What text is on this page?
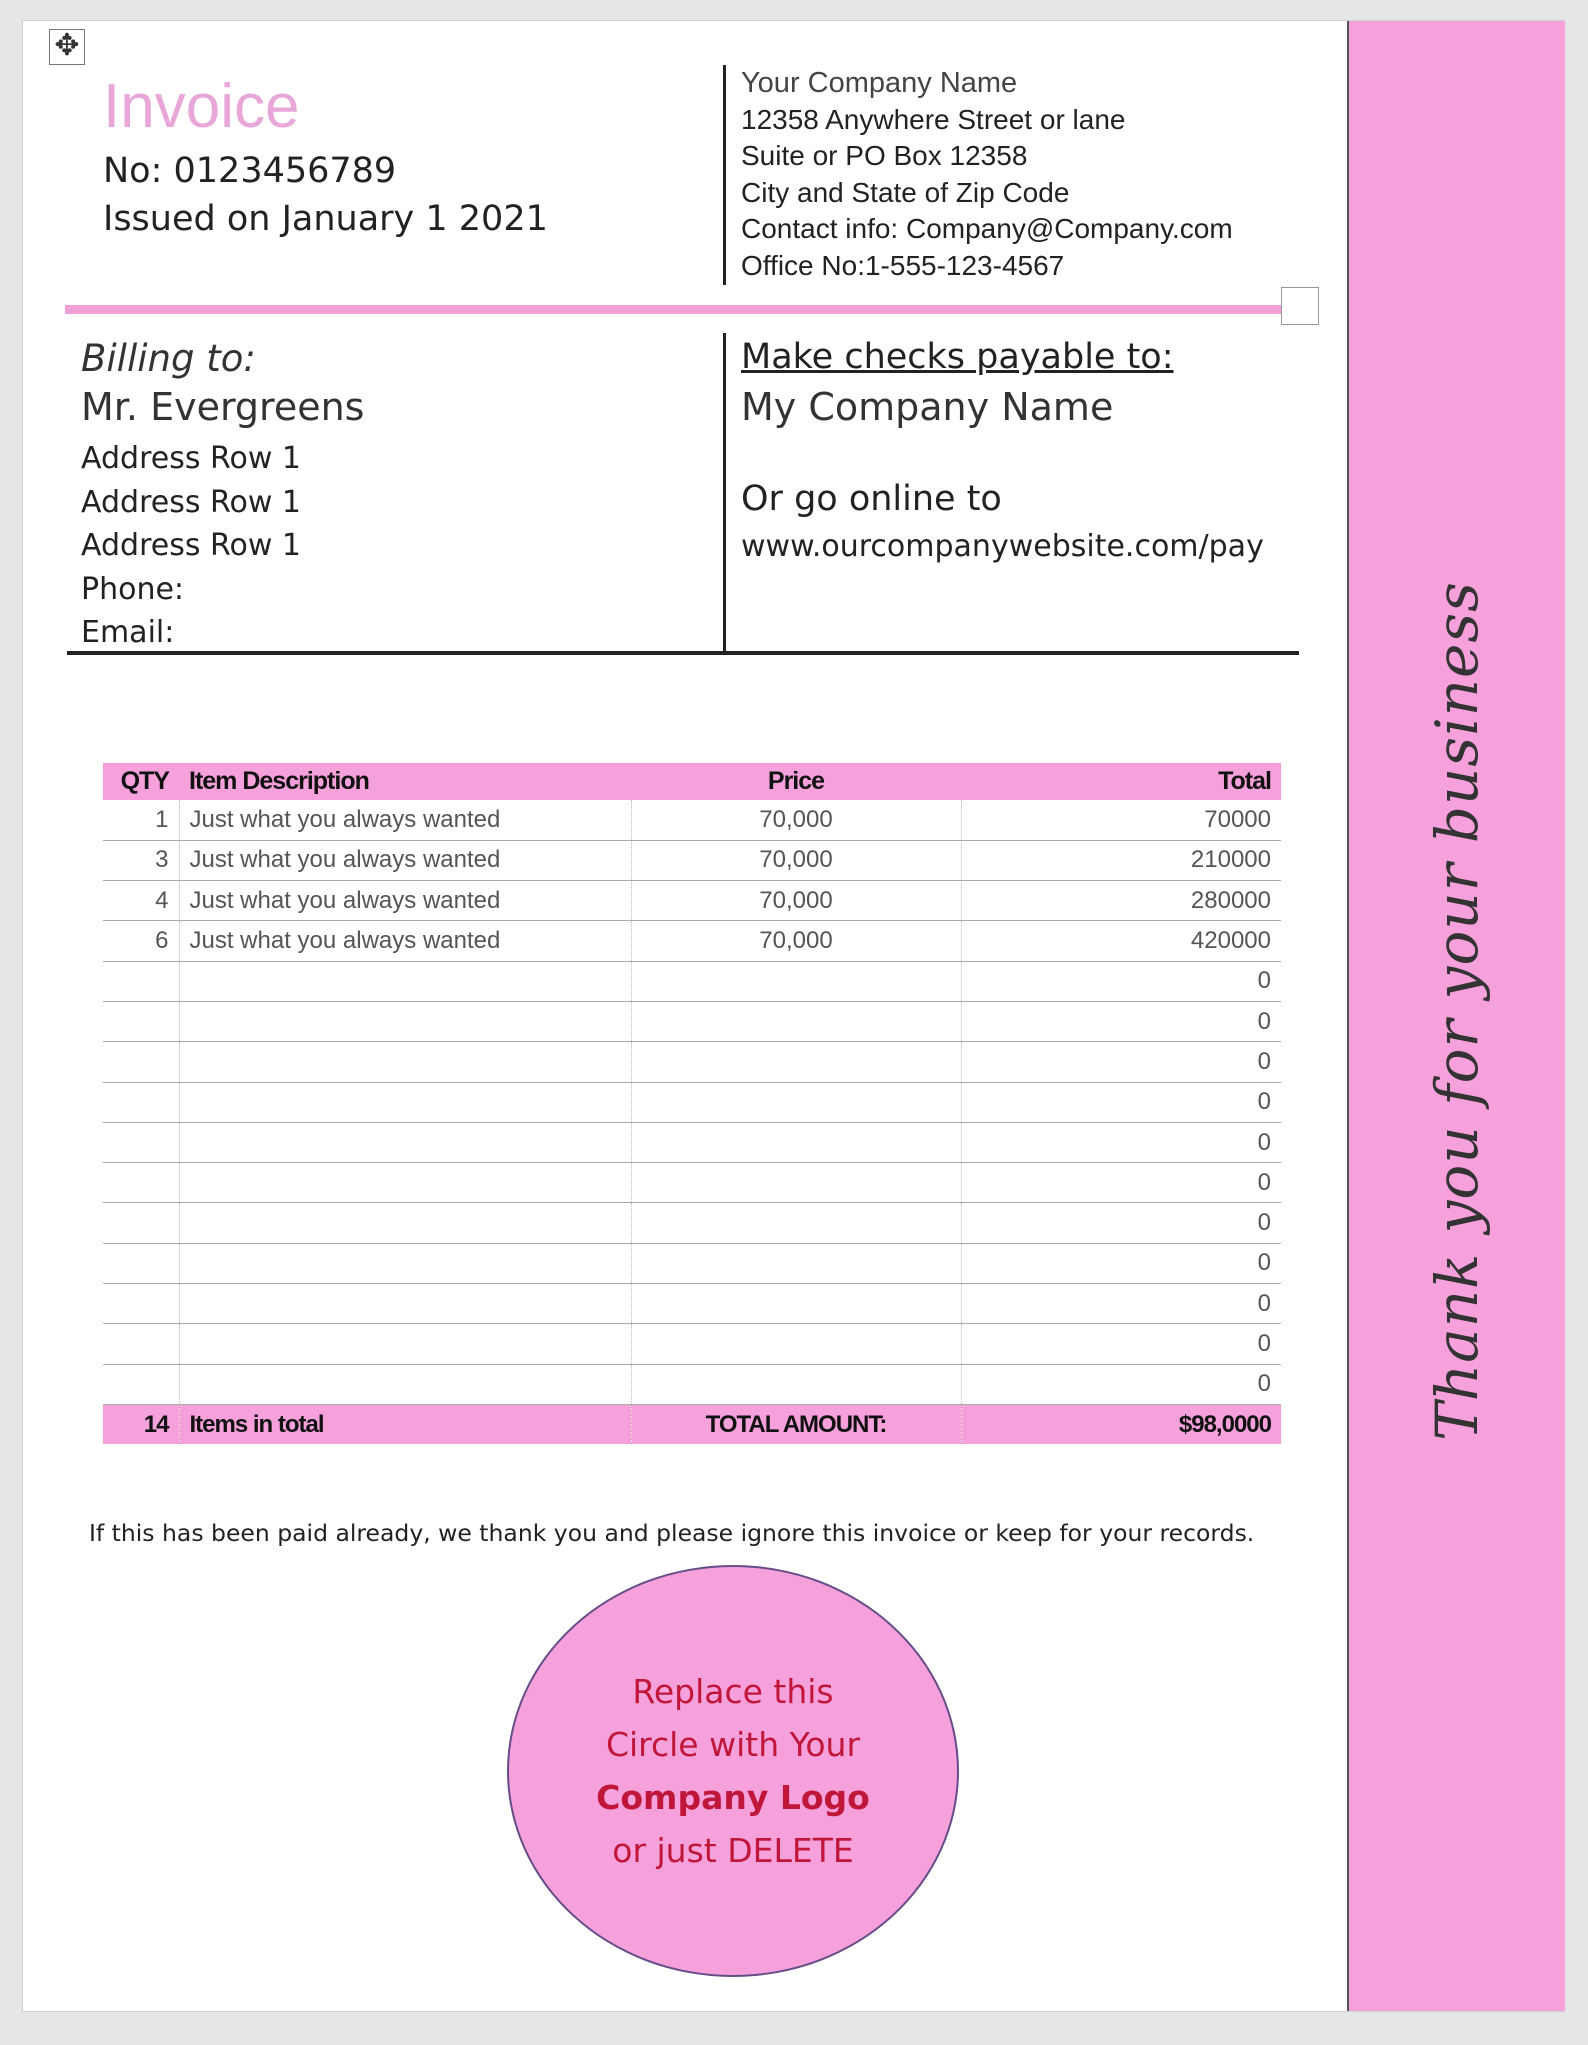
✥
Invoice
No: 0123456789
Issued on January 1 2021
Your Company Name
12358 Anywhere Street or lane
Suite or PO Box 12358
City and State of Zip Code
Contact info: Company@Company.com
Office No:1-555-123-4567
Billing to:
Mr. Evergreens
Address Row 1
Address Row 1
Address Row 1
Phone:
Email:
Make checks payable to:
My Company Name
Or go online to
www.ourcompanywebsite.com/pay
QTY	Item Description	Price	Total
1	Just what you always wanted	70,000	70000
3	Just what you always wanted	70,000	210000
4	Just what you always wanted	70,000	280000
6	Just what you always wanted	70,000	420000
			0
			0
			0
			0
			0
			0
			0
			0
			0
			0
			0
14	Items in total	TOTAL AMOUNT:	$98,0000
If this has been paid already, we thank you and please ignore this invoice or keep for your records.
Replace this
Circle with Your
Company Logo
or just DELETE
Thank you for your business
